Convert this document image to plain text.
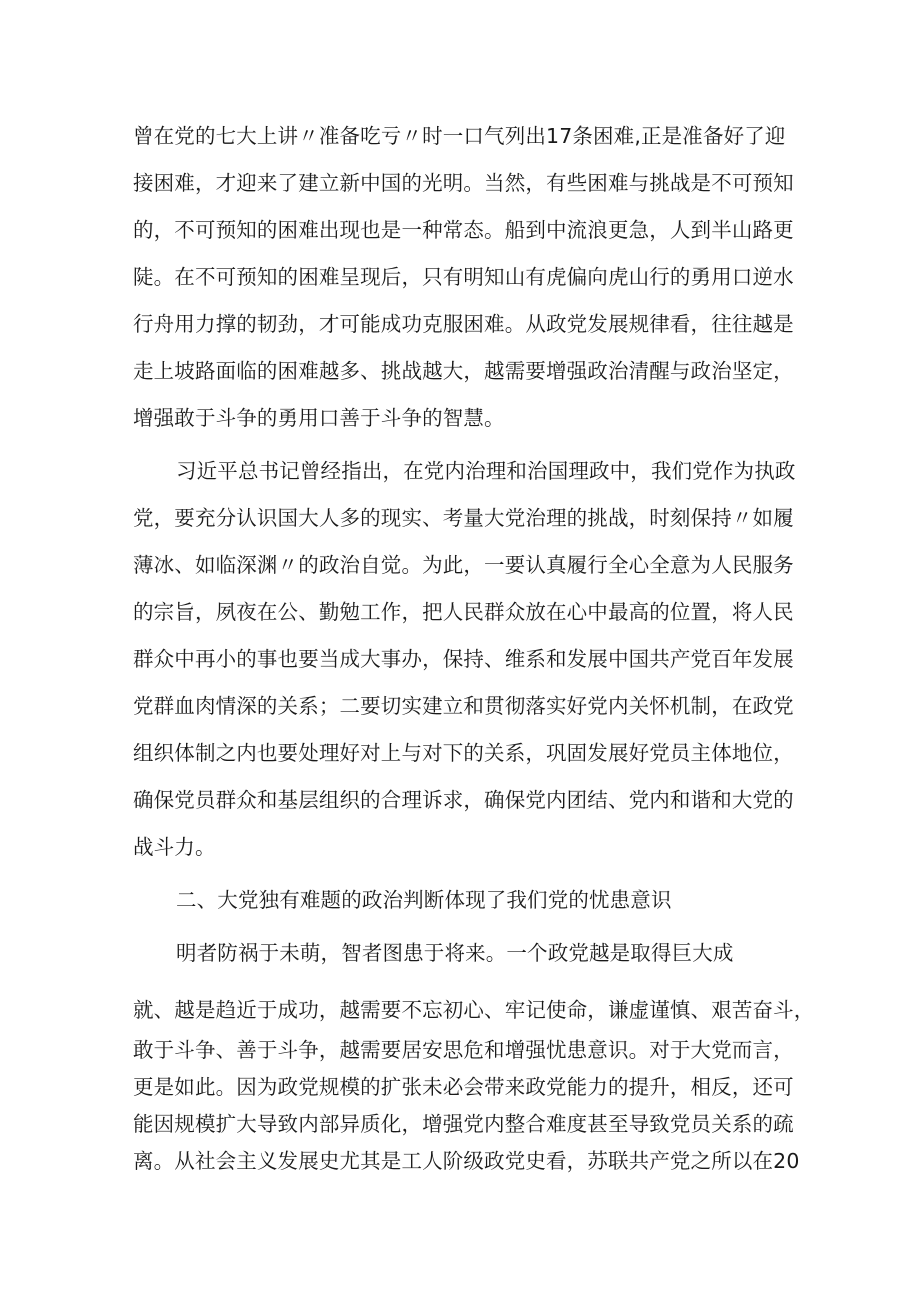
曾在党的七大上讲〃准备吃亏〃时一口气列出17条困难,正是准备好了迎
接困难，才迎来了建立新中国的光明。当然，有些困难与挑战是不可预知
的，不可预知的困难出现也是一种常态。船到中流浪更急，人到半山路更
陡。在不可预知的困难呈现后，只有明知山有虎偏向虎山行的勇用口逆水
行舟用力撑的韧劲，才可能成功克服困难。从政党发展规律看，往往越是
走上坡路面临的困难越多、挑战越大，越需要增强政治清醒与政治坚定，
增强敢于斗争的勇用口善于斗争的智慧。
习近平总书记曾经指出，在党内治理和治国理政中，我们党作为执政
党，要充分认识国大人多的现实、考量大党治理的挑战，时刻保持〃如履
薄冰、如临深渊〃的政治自觉。为此，一要认真履行全心全意为人民服务
的宗旨，夙夜在公、勤勉工作，把人民群众放在心中最高的位置，将人民
群众中再小的事也要当成大事办，保持、维系和发展中国共产党百年发展
党群血肉情深的关系；二要切实建立和贯彻落实好党内关怀机制，在政党
组织体制之内也要处理好对上与对下的关系，巩固发展好党员主体地位，
确保党员群众和基层组织的合理诉求，确保党内团结、党内和谐和大党的
战斗力。
二、大党独有难题的政治判断体现了我们党的忧患意识
明者防祸于未萌，智者图患于将来。一个政党越是取得巨大成
就、越是趋近于成功，越需要不忘初心、牢记使命，谦虚谨慎、艰苦奋斗，
敢于斗争、善于斗争，越需要居安思危和增强忧患意识。对于大党而言，
更是如此。因为政党规模的扩张未必会带来政党能力的提升，相反，还可
能因规模扩大导致内部异质化，增强党内整合难度甚至导致党员关系的疏
离。从社会主义发展史尤其是工人阶级政党史看，苏联共产党之所以在20
